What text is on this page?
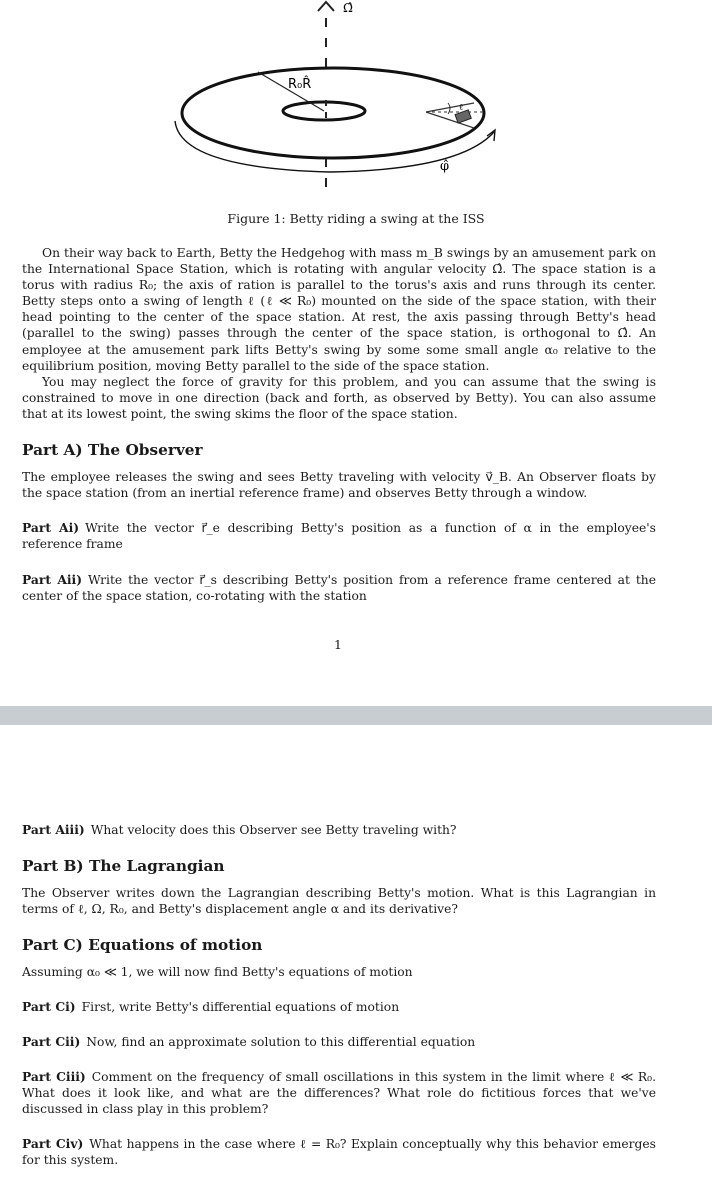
Ω̂
R₀R̂
φ̂
ℓ
Figure 1: Betty riding a swing at the ISS
On their way back to Earth, Betty the Hedgehog with mass m_B swings by an amusement park on the International Space Station, which is rotating with angular velocity Ω̂. The space station is a torus with radius R₀; the axis of ration is parallel to the torus's axis and runs through its center. Betty steps onto a swing of length ℓ (ℓ ≪ R₀) mounted on the side of the space station, with their head pointing to the center of the space station. At rest, the axis passing through Betty's head (parallel to the swing) passes through the center of the space station, is orthogonal to Ω̂. An employee at the amusement park lifts Betty's swing by some some small angle α₀ relative to the equilibrium position, moving Betty parallel to the side of the space station.
You may neglect the force of gravity for this problem, and you can assume that the swing is constrained to move in one direction (back and forth, as observed by Betty). You can also assume that at its lowest point, the swing skims the floor of the space station.
Part A) The Observer
The employee releases the swing and sees Betty traveling with velocity v⃗_B. An Observer floats by the space station (from an inertial reference frame) and observes Betty through a window.
Part Ai) Write the vector r⃗_e describing Betty's position as a function of α in the employee's reference frame
Part Aii) Write the vector r⃗_s describing Betty's position from a reference frame centered at the center of the space station, co-rotating with the station
1
Part Aiii) What velocity does this Observer see Betty traveling with?
Part B) The Lagrangian
The Observer writes down the Lagrangian describing Betty's motion. What is this Lagrangian in terms of ℓ, Ω, R₀, and Betty's displacement angle α and its derivative?
Part C) Equations of motion
Assuming α₀ ≪ 1, we will now find Betty's equations of motion
Part Ci) First, write Betty's differential equations of motion
Part Cii) Now, find an approximate solution to this differential equation
Part Ciii) Comment on the frequency of small oscillations in this system in the limit where ℓ ≪ R₀. What does it look like, and what are the differences? What role do fictitious forces that we've discussed in class play in this problem?
Part Civ) What happens in the case where ℓ = R₀? Explain conceptually why this behavior emerges for this system.
